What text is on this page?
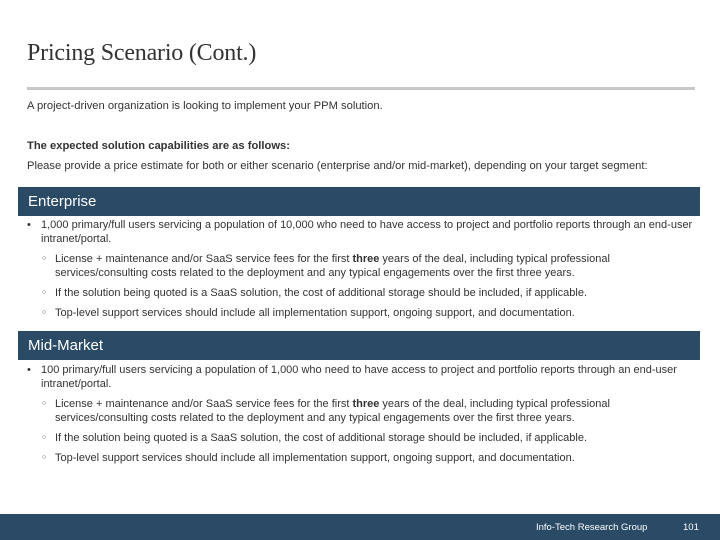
Pricing Scenario (Cont.)
A project-driven organization is looking to implement your PPM solution.
The expected solution capabilities are as follows:
Please provide a price estimate for both or either scenario (enterprise and/or mid-market), depending on your target segment:
Enterprise
• 1,000 primary/full users servicing a population of 10,000 who need to have access to project and portfolio reports through an end-user intranet/portal.
○ License + maintenance and/or SaaS service fees for the first three years of the deal, including typical professional services/consulting costs related to the deployment and any typical engagements over the first three years.
○ If the solution being quoted is a SaaS solution, the cost of additional storage should be included, if applicable.
○ Top-level support services should include all implementation support, ongoing support, and documentation.
Mid-Market
• 100 primary/full users servicing a population of 1,000 who need to have access to project and portfolio reports through an end-user intranet/portal.
○ License + maintenance and/or SaaS service fees for the first three years of the deal, including typical professional services/consulting costs related to the deployment and any typical engagements over the first three years.
○ If the solution being quoted is a SaaS solution, the cost of additional storage should be included, if applicable.
○ Top-level support services should include all implementation support, ongoing support, and documentation.
Info-Tech Research Group	101
